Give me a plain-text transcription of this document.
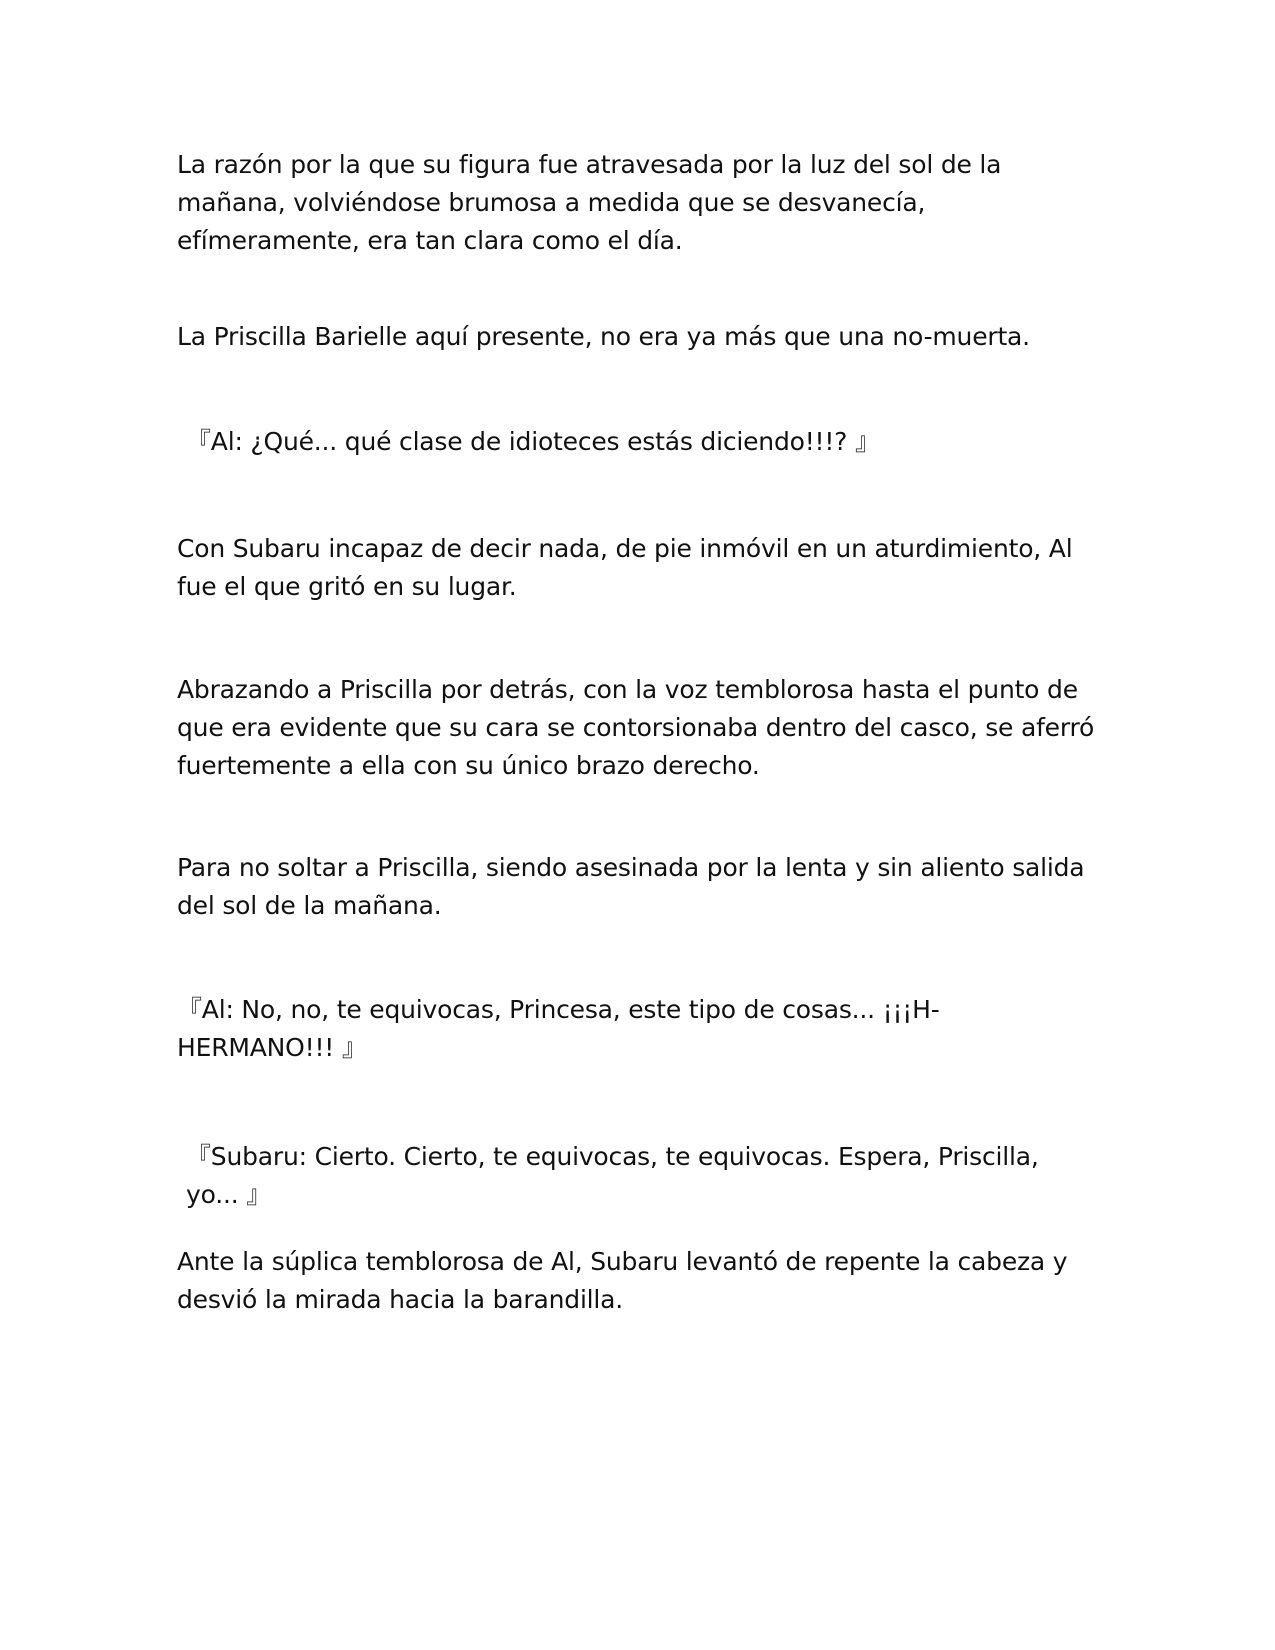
La razón por la que su figura fue atravesada por la luz del sol de la mañana, volviéndose brumosa a medida que se desvanecía, efímeramente, era tan clara como el día.

La Priscilla Barielle aquí presente, no era ya más que una no-muerta.

『Al: ¿Qué... qué clase de idioteces estás diciendo!!!? 』

Con Subaru incapaz de decir nada, de pie inmóvil en un aturdimiento, Al fue el que gritó en su lugar.

Abrazando a Priscilla por detrás, con la voz temblorosa hasta el punto de que era evidente que su cara se contorsionaba dentro del casco, se aferró fuertemente a ella con su único brazo derecho.

Para no soltar a Priscilla, siendo asesinada por la lenta y sin aliento salida del sol de la mañana.

『Al: No, no, te equivocas, Princesa, este tipo de cosas... ¡¡¡H-HERMANO!!! 』

『Subaru: Cierto. Cierto, te equivocas, te equivocas. Espera, Priscilla, yo... 』

Ante la súplica temblorosa de Al, Subaru levantó de repente la cabeza y desvió la mirada hacia la barandilla.
